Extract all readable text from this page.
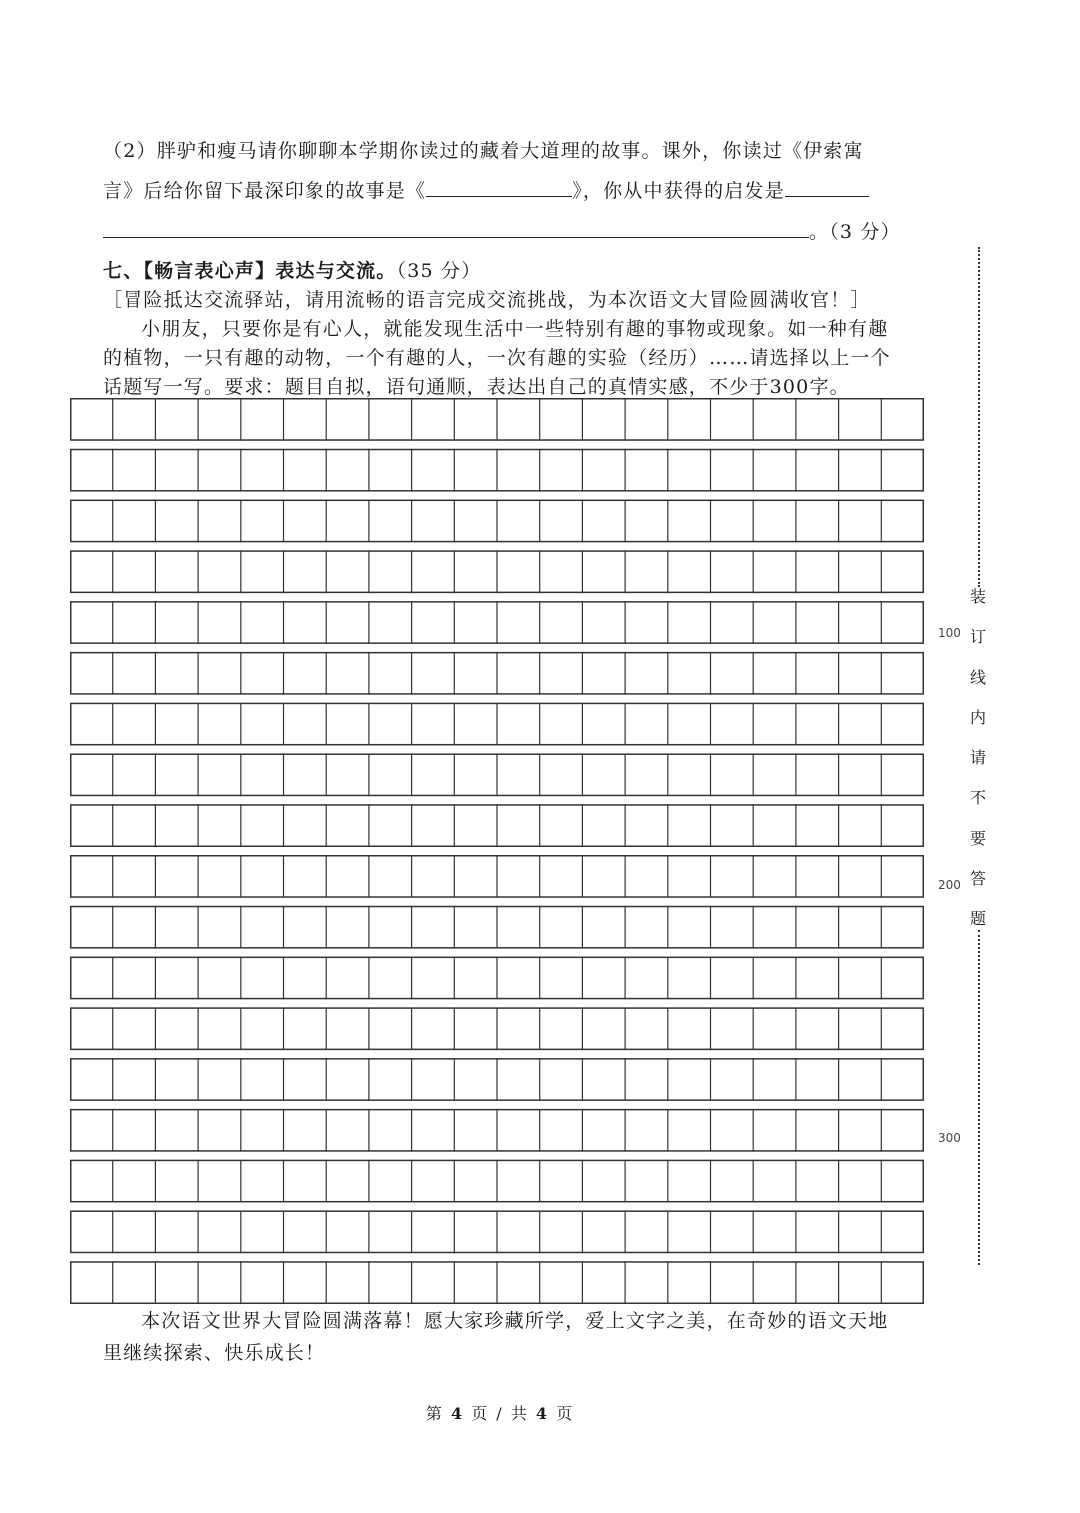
（2）胖驴和瘦马请你聊聊本学期你读过的藏着大道理的故事。课外，你读过《伊索寓
言》后给你留下最深印象的故事是《	》，你从中获得的启发是
。（3 分）
七、【畅言表心声】表达与交流。（35 分）
［冒险抵达交流驿站，请用流畅的语言完成交流挑战，为本次语文大冒险圆满收官！］
小朋友，只要你是有心人，就能发现生活中一些特别有趣的事物或现象。如一种有趣的植物，一只有趣的动物，一个有趣的人，一次有趣的实验（经历）……请选择以上一个话题写一写。要求：题目自拟，语句通顺，表达出自己的真情实感，不少于300字。
100
200
300
装
订
线
内
请
不
要
答
题
本次语文世界大冒险圆满落幕！愿大家珍藏所学，爱上文字之美，在奇妙的语文天地里继续探索、快乐成长！
第 4 页 / 共 4 页
